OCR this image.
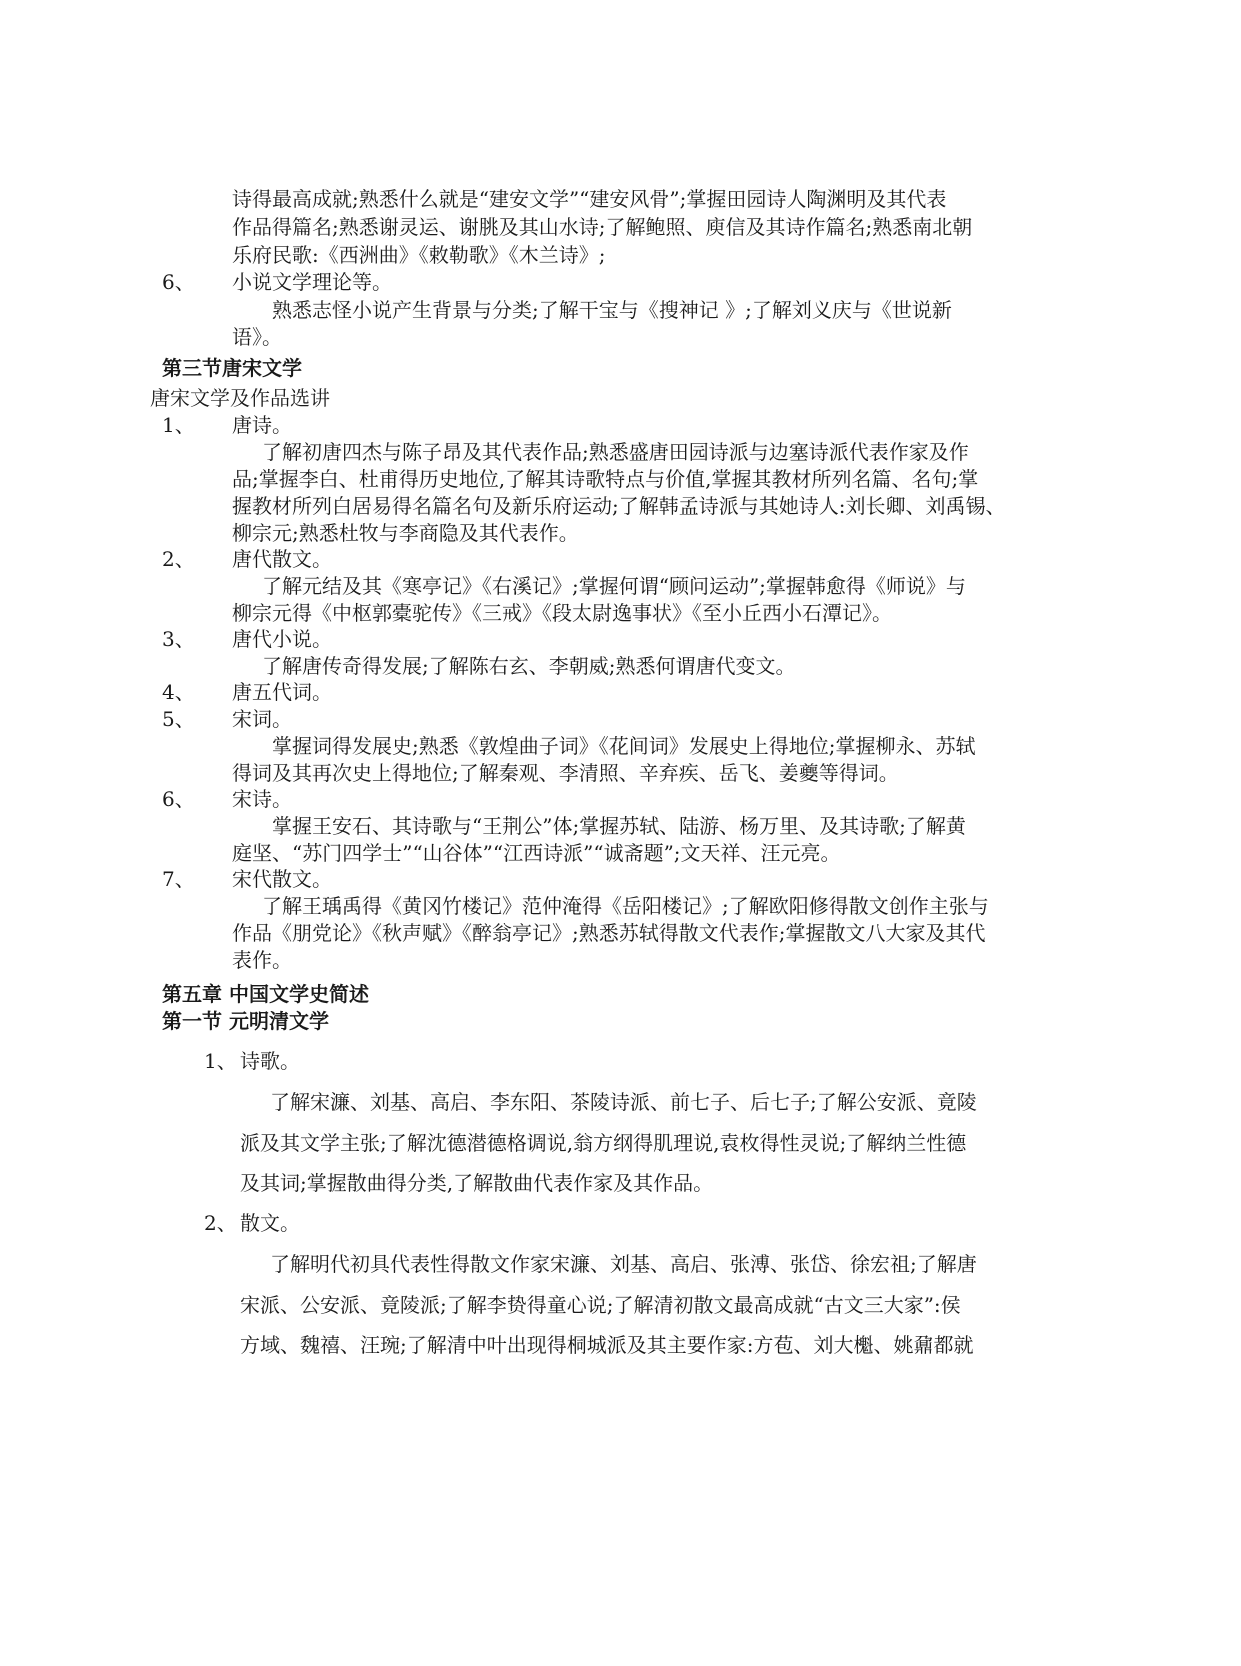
诗得最高成就;熟悉什么就是“建安文学”“建安风骨”;掌握田园诗人陶渊明及其代表
作品得篇名;熟悉谢灵运、谢朓及其山水诗;了解鲍照、庾信及其诗作篇名;熟悉南北朝
乐府民歌:《西洲曲》《敕勒歌》《木兰诗》;
6、 小说文学理论等。
熟悉志怪小说产生背景与分类;了解干宝与《搜神记 》;了解刘义庆与《世说新
语》。
第三节唐宋文学
唐宋文学及作品选讲
1、 唐诗。
了解初唐四杰与陈子昂及其代表作品;熟悉盛唐田园诗派与边塞诗派代表作家及作
品;掌握李白、杜甫得历史地位,了解其诗歌特点与价值,掌握其教材所列名篇、名句;掌
握教材所列白居易得名篇名句及新乐府运动;了解韩孟诗派与其她诗人:刘长卿、刘禹锡、
柳宗元;熟悉杜牧与李商隐及其代表作。
2、 唐代散文。
了解元结及其《寒亭记》《右溪记》;掌握何谓“顾问运动”;掌握韩愈得《师说》与
柳宗元得《中枢郭橐驼传》《三戒》《段太尉逸事状》《至小丘西小石潭记》。
3、 唐代小说。
了解唐传奇得发展;了解陈右玄、李朝威;熟悉何谓唐代变文。
4、 唐五代词。
5、 宋词。
掌握词得发展史;熟悉《敦煌曲子词》《花间词》发展史上得地位;掌握柳永、苏轼
得词及其再次史上得地位;了解秦观、李清照、辛弃疾、岳飞、姜夔等得词。
6、 宋诗。
掌握王安石、其诗歌与“王荆公”体;掌握苏轼、陆游、杨万里、及其诗歌;了解黄
庭坚、“苏门四学士”“山谷体”“江西诗派”“诚斋题”;文天祥、汪元亮。
7、 宋代散文。
了解王瑀禹得《黄冈竹楼记》范仲淹得《岳阳楼记》;了解欧阳修得散文创作主张与
作品《朋党论》《秋声赋》《醉翁亭记》;熟悉苏轼得散文代表作;掌握散文八大家及其代
表作。
第五章 中国文学史简述
第一节 元明清文学
1、 诗歌。
了解宋濂、刘基、高启、李东阳、茶陵诗派、前七子、后七子;了解公安派、竟陵
派及其文学主张;了解沈德潜德格调说,翁方纲得肌理说,袁枚得性灵说;了解纳兰性德
及其词;掌握散曲得分类,了解散曲代表作家及其作品。
2、 散文。
了解明代初具代表性得散文作家宋濂、刘基、高启、张溥、张岱、徐宏祖;了解唐
宋派、公安派、竟陵派;了解李贽得童心说;了解清初散文最高成就“古文三大家”:侯
方域、魏禧、汪琬;了解清中叶出现得桐城派及其主要作家:方苞、刘大櫆、姚鼐都就
